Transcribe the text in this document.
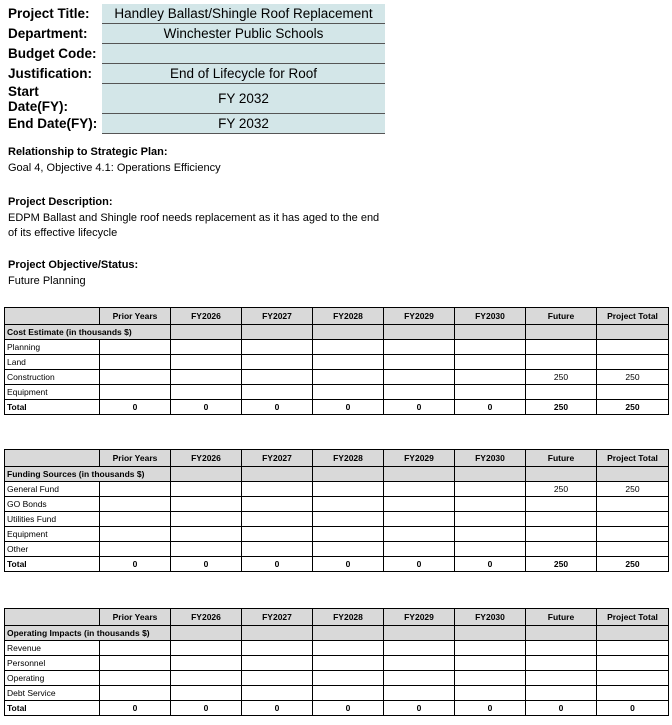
Project Title:	Handley Ballast/Shingle Roof Replacement
Department:	Winchester Public Schools
Budget Code:	
Justification:	End of Lifecycle for Roof
Start Date(FY):	FY 2032
End Date(FY):	FY 2032
Relationship to Strategic Plan:
Goal 4, Objective 4.1: Operations Efficiency
Project Description:
EDPM Ballast and Shingle roof needs replacement as it has aged to the end of its effective lifecycle
Project Objective/Status:
Future Planning
	Prior Years	FY2026	FY2027	FY2028	FY2029	FY2030	Future	Project Total
Cost Estimate (in thousands $)								
Planning								
Land								
Construction							250	250
Equipment								
Total	0	0	0	0	0	0	250	250
	Prior Years	FY2026	FY2027	FY2028	FY2029	FY2030	Future	Project Total
Funding Sources (in thousands $)								
General Fund							250	250
GO Bonds								
Utilities Fund								
Equipment								
Other								
Total	0	0	0	0	0	0	250	250
	Prior Years	FY2026	FY2027	FY2028	FY2029	FY2030	Future	Project Total
Operating Impacts (in thousands $)								
Revenue								
Personnel								
Operating								
Debt Service								
Total	0	0	0	0	0	0	0	0
